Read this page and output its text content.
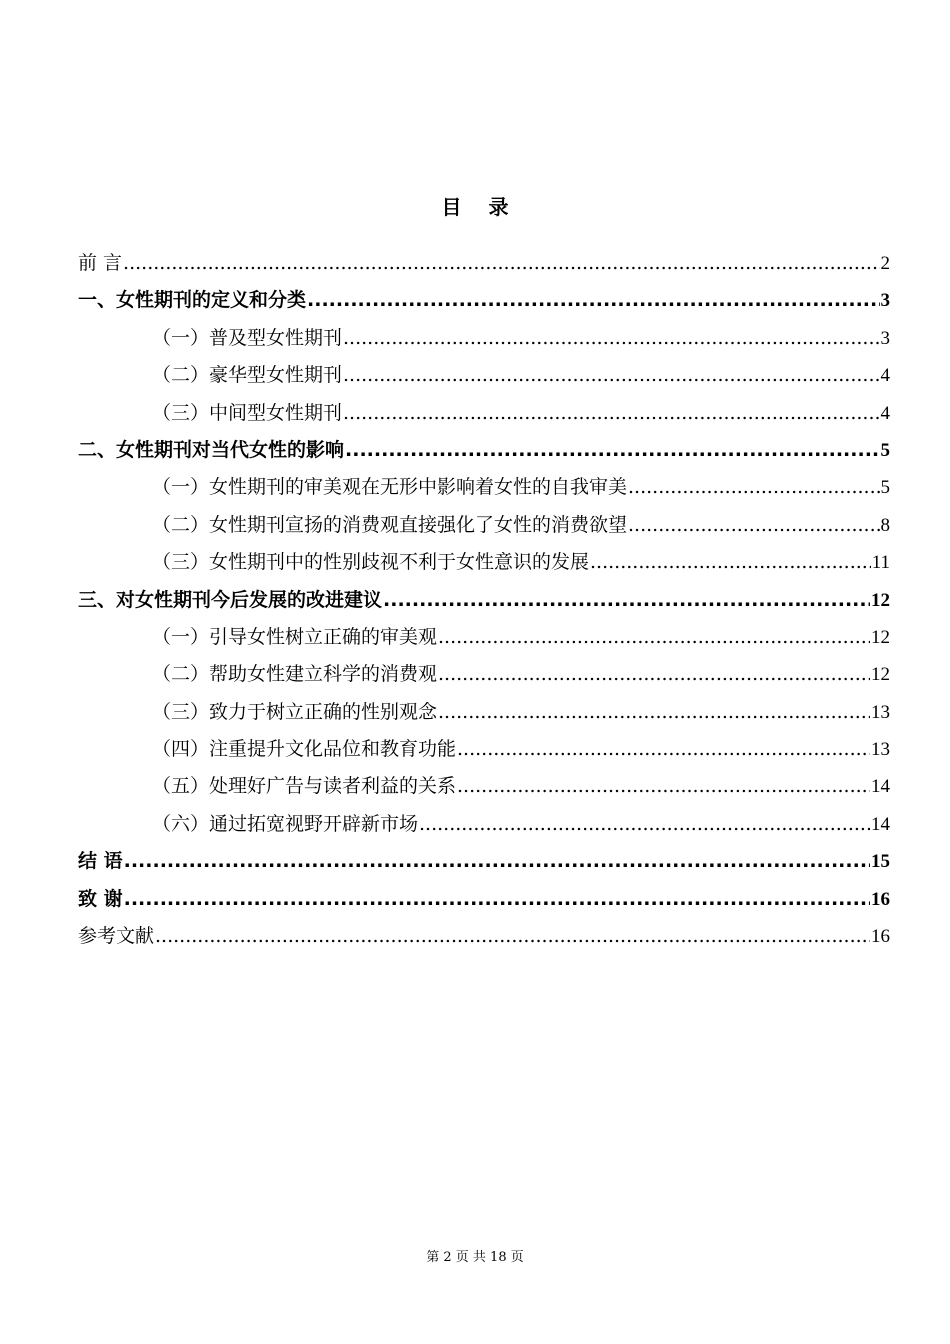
目 录
前 言 .....	2
一、女性期刊的定义和分类 .....	3
（一）普及型女性期刊 .....	3
（二）豪华型女性期刊 .....	4
（三）中间型女性期刊 .....	4
二、女性期刊对当代女性的影响 .....	5
（一）女性期刊的审美观在无形中影响着女性的自我审美 .....	5
（二）女性期刊宣扬的消费观直接强化了女性的消费欲望 .....	8
（三）女性期刊中的性别歧视不利于女性意识的发展 .....	11
三、对女性期刊今后发展的改进建议 .....	12
（一）引导女性树立正确的审美观 .....	12
（二）帮助女性建立科学的消费观 .....	12
（三）致力于树立正确的性别观念 .....	13
（四）注重提升文化品位和教育功能 .....	13
（五）处理好广告与读者利益的关系 .....	14
（六）通过拓宽视野开辟新市场 .....	14
结 语 .....	15
致 谢 .....	16
参考文献 .....	16
第 2 页 共 18 页
